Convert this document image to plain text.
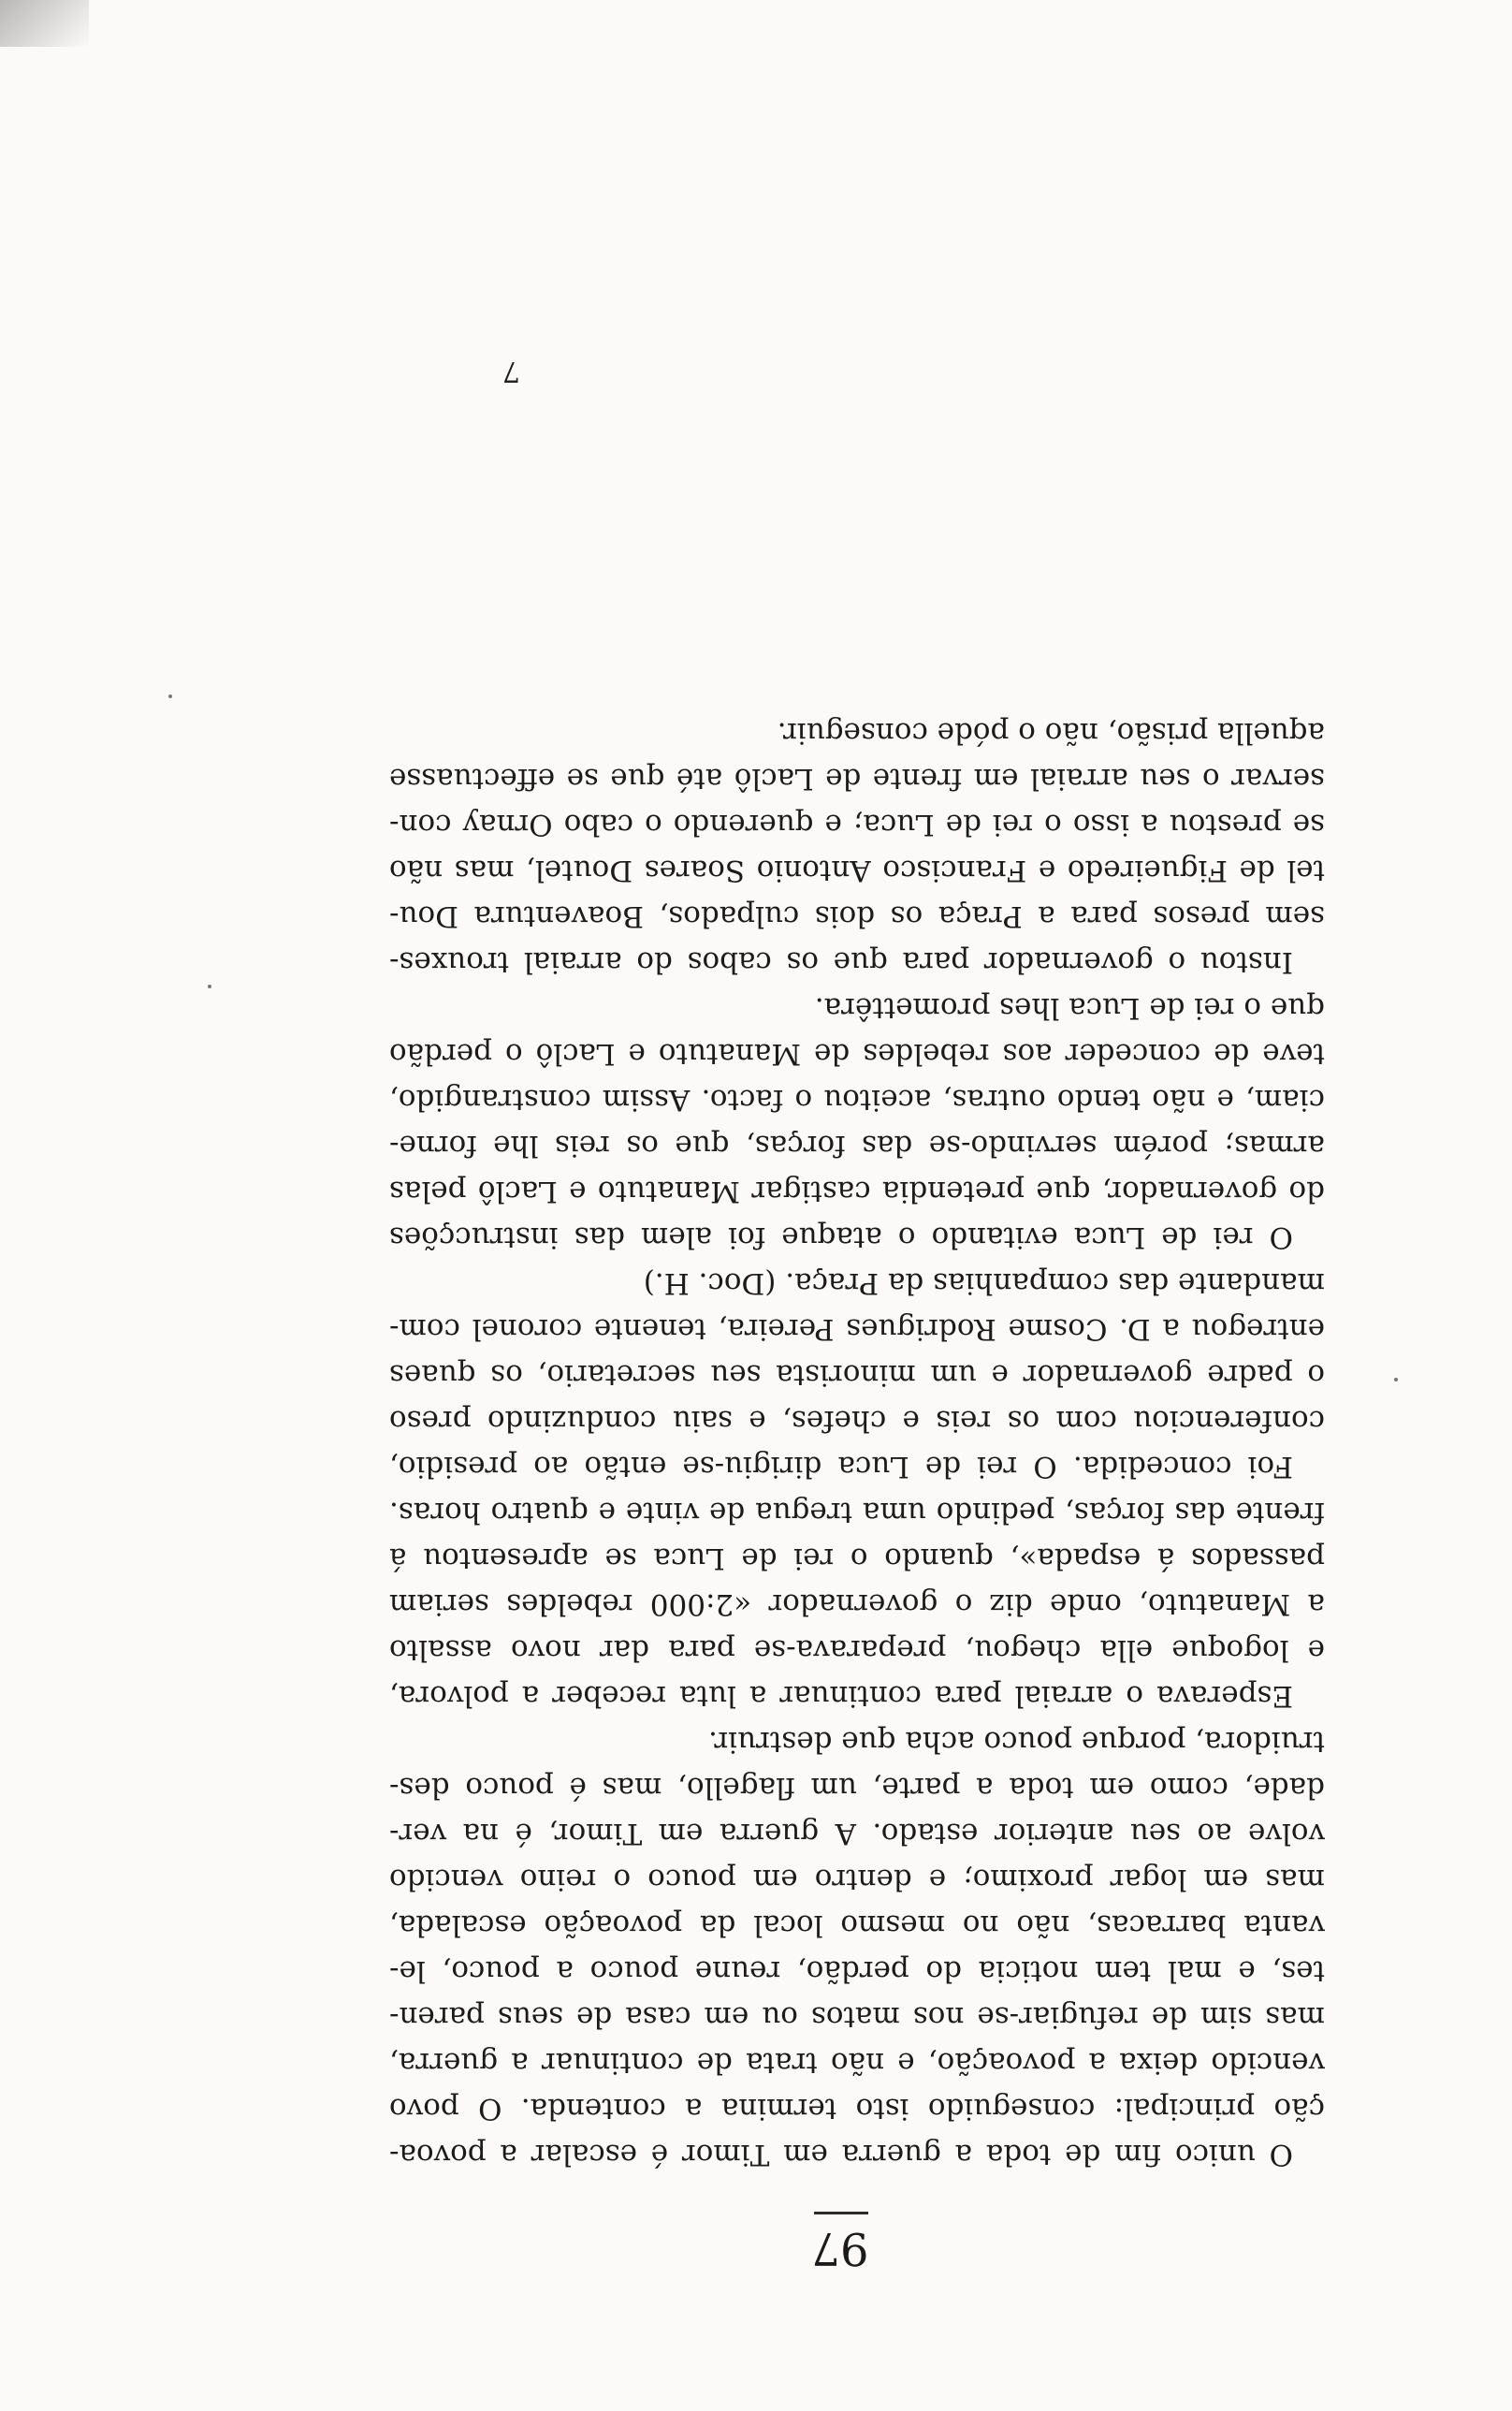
97

O unico fim de toda a guerra em Timor é escalar a povoa-
ção principal: conseguido isto termina a contenda. O povo
vencido deixa a povoação, e não trata de continuar a guerra,
mas sim de refugiar-se nos matos ou em casa de seus paren-
tes, e mal tem noticia do perdão, reune pouco a pouco, le-
vanta barracas, não no mesmo local da povoação escalada,
mas em logar proximo; e dentro em pouco o reino vencido
volve ao seu anterior estado. A guerra em Timor, é na ver-
dade, como em toda a parte, um flagello, mas é pouco des-
truidora, porque pouco acha que destruir.

Esperava o arraial para continuar a luta receber a polvora,
e logoque ella chegou, preparava-se para dar novo assalto
a Manatuto, onde diz o governador «2:000 rebeldes seriam
passados á espada», quando o rei de Luca se apresentou á
frente das forças, pedindo uma tregua de vinte e quatro horas.

Foi concedida. O rei de Luca dirigiu-se então ao presidio,
conferenciou com os reis e chefes, e saiu conduzindo preso
o padre governador e um minorista seu secretario, os quaes
entregou a D. Cosme Rodrigues Pereira, tenente coronel com-
mandante das companhias da Praça. (Doc. H.)

O rei de Luca evitando o ataque foi alem das instrucções
do governador, que pretendia castigar Manatuto e Laclô pelas
armas; porém servindo-se das forças, que os reis lhe forne-
ciam, e não tendo outras, aceitou o facto. Assim constrangido,
teve de conceder aos rebeldes de Manatuto e Laclô o perdão
que o rei de Luca lhes promettêra.

Instou o governador para que os cabos do arraial trouxes-
sem presos para a Praça os dois culpados, Boaventura Dou-
tel de Figueiredo e Francisco Antonio Soares Doutel, mas não
se prestou a isso o rei de Luca; e querendo o cabo Ornay con-
servar o seu arraial em frente de Laclô até que se effectuasse
aquella prisão, não o póde conseguir.

7
